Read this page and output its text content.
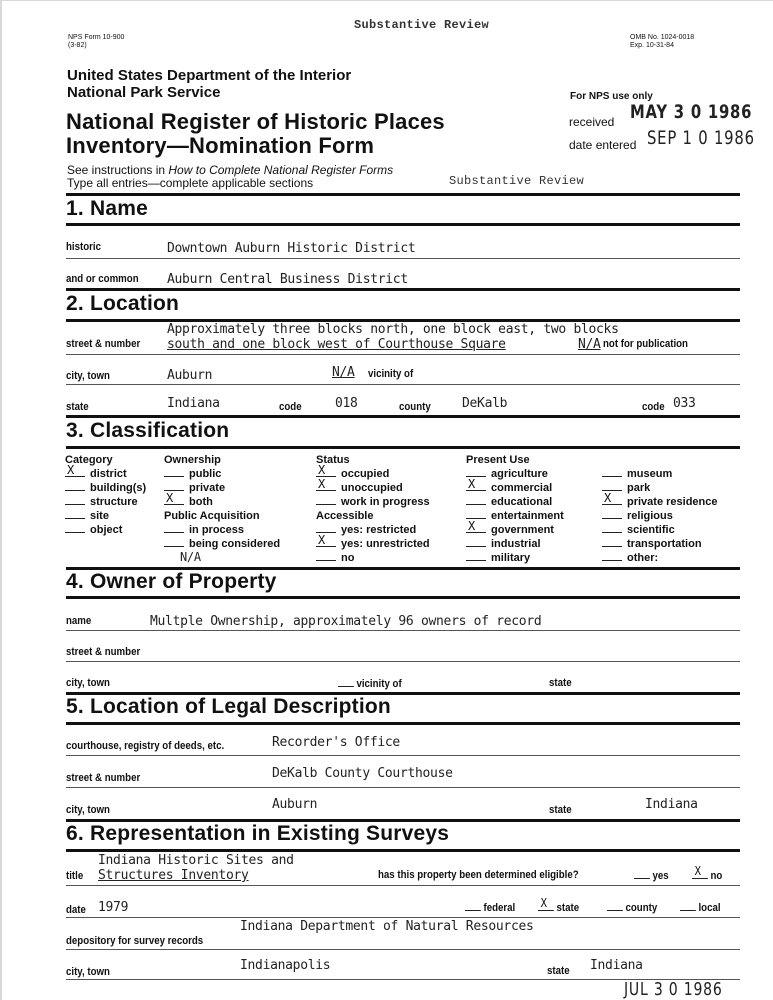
NPS Form 10-900
(3-82)
Substantive Review
OMB No. 1024-0018
Exp. 10-31-84
United States Department of the Interior
National Park Service
National Register of Historic Places
Inventory—Nomination Form
See instructions in How to Complete National Register Forms
Type all entries—complete applicable sections	Substantive Review
For NPS use only
received MAY 3 0 1986
date entered SEP 1 0 1986
1. Name
historic	Downtown Auburn Historic District
and or common Auburn Central Business District
2. Location
Approximately three blocks north, one block east, two blocks
street & number south and one block west of Courthouse Square	N/A not for publication
city, town	Auburn	N/A vicinity of
state	Indiana	code	018	county DeKalb	code 033
3. Classification
Category
X district
building(s)
structure
site
object
Ownership
public
private
X both
Public Acquisition
in process
being considered
N/A
Status
X occupied
X unoccupied
work in progress
Accessible
yes: restricted
X yes: unrestricted
no
Present Use
agriculture
X commercial
educational
entertainment
X government
industrial
military
museum
park
X private residence
religious
scientific
transportation
other:
4. Owner of Property
name	Multple Ownership, approximately 96 owners of record
street & number
city, town	vicinity of	state
5. Location of Legal Description
courthouse, registry of deeds, etc.	Recorder's Office
street & number	DeKalb County Courthouse
city, town	Auburn	state	Indiana
6. Representation in Existing Surveys
Indiana Historic Sites and
title Structures Inventory	has this property been determined eligible?	yes X no
date 1979	federal X state	county	local
Indiana Department of Natural Resources
depository for survey records
city, town	Indianapolis	state Indiana
JUL 3 0 1986
